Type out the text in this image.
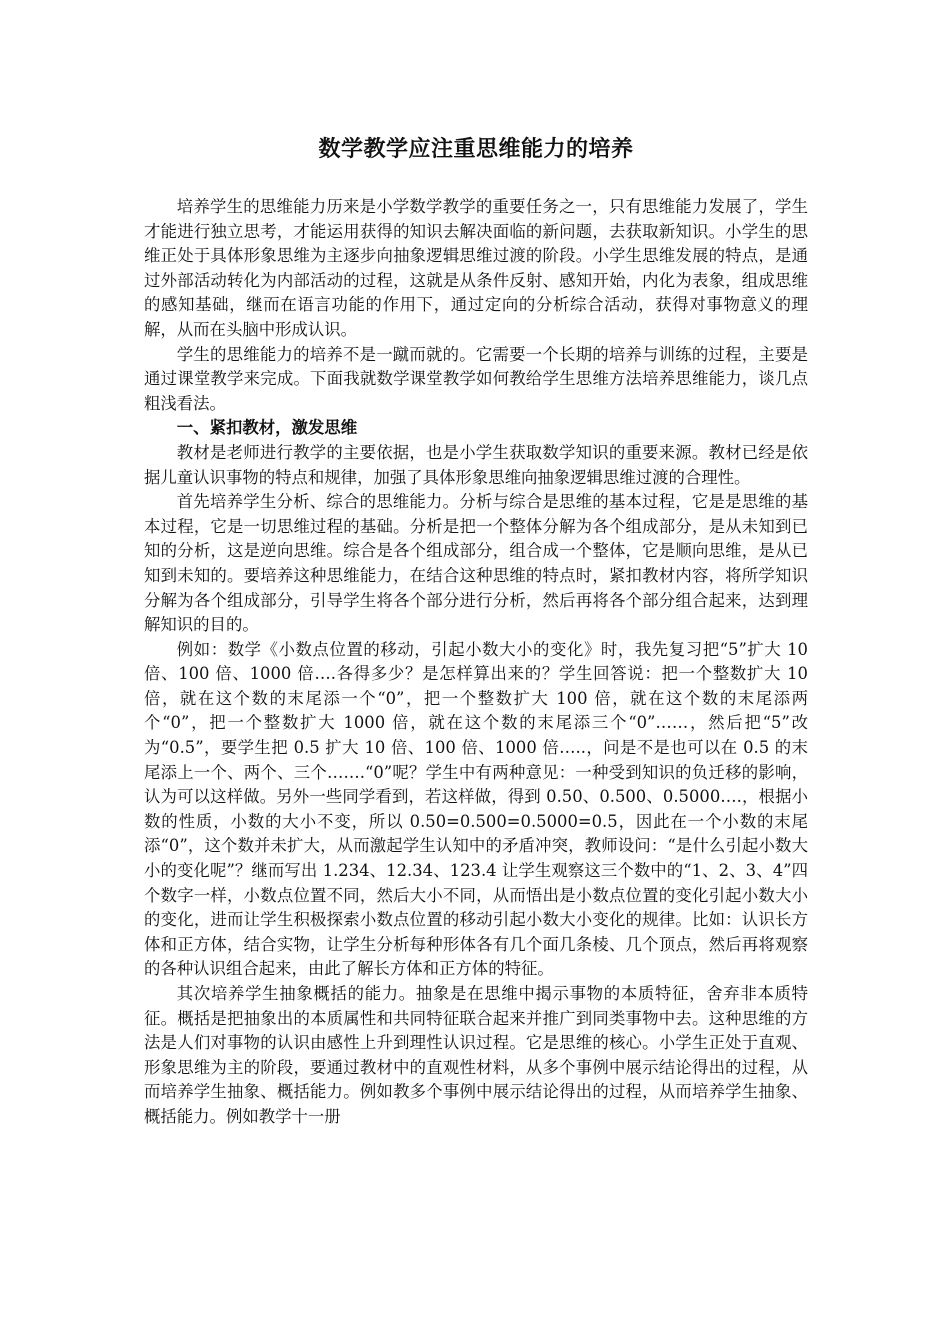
数学教学应注重思维能力的培养

培养学生的思维能力历来是小学数学教学的重要任务之一，只有思维能力发展了，学生才能进行独立思考，才能运用获得的知识去解决面临的新问题，去获取新知识。小学生的思维正处于具体形象思维为主逐步向抽象逻辑思维过渡的阶段。小学生思维发展的特点，是通过外部活动转化为内部活动的过程，这就是从条件反射、感知开始，内化为表象，组成思维的感知基础，继而在语言功能的作用下，通过定向的分析综合活动，获得对事物意义的理解，从而在头脑中形成认识。

学生的思维能力的培养不是一蹴而就的。它需要一个长期的培养与训练的过程，主要是通过课堂教学来完成。下面我就数学课堂教学如何教给学生思维方法培养思维能力，谈几点粗浅看法。

一、紧扣教材，激发思维

教材是老师进行教学的主要依据，也是小学生获取数学知识的重要来源。教材已经是依据儿童认识事物的特点和规律，加强了具体形象思维向抽象逻辑思维过渡的合理性。

首先培养学生分析、综合的思维能力。分析与综合是思维的基本过程，它是是思维的基本过程，它是一切思维过程的基础。分析是把一个整体分解为各个组成部分，是从未知到已知的分析，这是逆向思维。综合是各个组成部分，组合成一个整体，它是顺向思维，是从已知到未知的。要培养这种思维能力，在结合这种思维的特点时，紧扣教材内容，将所学知识分解为各个组成部分，引导学生将各个部分进行分析，然后再将各个部分组合起来，达到理解知识的目的。

例如：数学《小数点位置的移动，引起小数大小的变化》时，我先复习把“5”扩大 10 倍、100 倍、1000 倍….各得多少？是怎样算出来的？学生回答说：把一个整数扩大 10 倍，就在这个数的末尾添一个“0”，把一个整数扩大 100 倍，就在这个数的末尾添两个“0”，把一个整数扩大 1000 倍，就在这个数的末尾添三个“0”……，然后把“5”改为“0.5”，要学生把 0.5 扩大 10 倍、100 倍、1000 倍…..，问是不是也可以在 0.5 的末尾添上一个、两个、三个…….“0”呢？学生中有两种意见：一种受到知识的负迁移的影响，认为可以这样做。另外一些同学看到，若这样做，得到 0.50、0.500、0.5000….，根据小数的性质，小数的大小不变，所以 0.50=0.500=0.5000=0.5，因此在一个小数的末尾添“0”，这个数并未扩大，从而激起学生认知中的矛盾冲突，教师设问：“是什么引起小数大小的变化呢”？继而写出 1.234、12.34、123.4 让学生观察这三个数中的“1、2、3、4”四个数字一样，小数点位置不同，然后大小不同，从而悟出是小数点位置的变化引起小数大小的变化，进而让学生积极探索小数点位置的移动引起小数大小变化的规律。比如：认识长方体和正方体，结合实物，让学生分析每种形体各有几个面几条棱、几个顶点，然后再将观察的各种认识组合起来，由此了解长方体和正方体的特征。

其次培养学生抽象概括的能力。抽象是在思维中揭示事物的本质特征，舍弃非本质特征。概括是把抽象出的本质属性和共同特征联合起来并推广到同类事物中去。这种思维的方法是人们对事物的认识由感性上升到理性认识过程。它是思维的核心。小学生正处于直观、形象思维为主的阶段，要通过教材中的直观性材料，从多个事例中展示结论得出的过程，从而培养学生抽象、概括能力。例如教多个事例中展示结论得出的过程，从而培养学生抽象、概括能力。例如教学十一册
